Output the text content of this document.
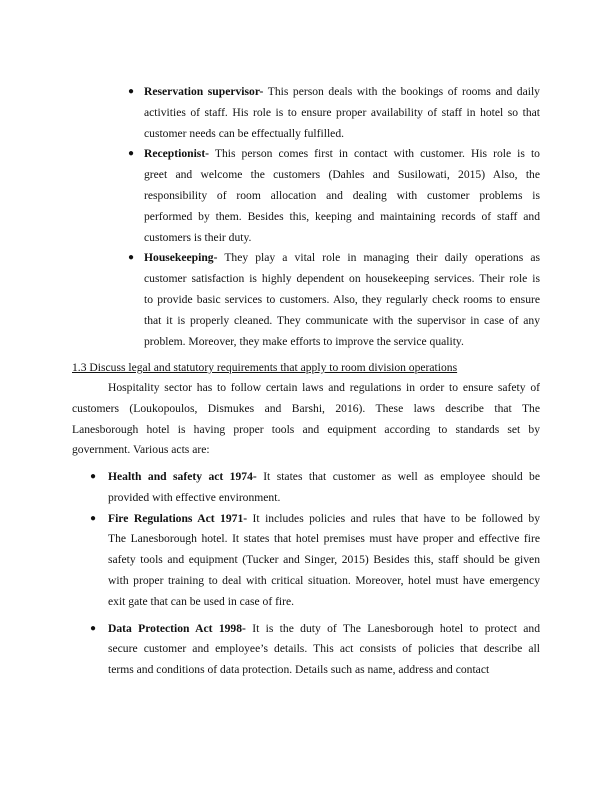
● Reservation supervisor- This person deals with the bookings of rooms and daily
activities of staff. His role is to ensure proper availability of staff in hotel so that
customer needs can be effectually fulfilled.
● Receptionist- This person comes first in contact with customer. His role is to
greet and welcome the customers (Dahles and Susilowati, 2015) Also, the
responsibility of room allocation and dealing with customer problems is
performed by them. Besides this, keeping and maintaining records of staff and
customers is their duty.
● Housekeeping- They play a vital role in managing their daily operations as
customer satisfaction is highly dependent on housekeeping services. Their role is
to provide basic services to customers. Also, they regularly check rooms to ensure
that it is properly cleaned. They communicate with the supervisor in case of any
problem. Moreover, they make efforts to improve the service quality.
1.3 Discuss legal and statutory requirements that apply to room division operations
Hospitality sector has to follow certain laws and regulations in order to ensure safety of
customers (Loukopoulos, Dismukes and Barshi, 2016). These laws describe that The
Lanesborough hotel is having proper tools and equipment according to standards set by
government. Various acts are:
● Health and safety act 1974- It states that customer as well as employee should be
provided with effective environment.
● Fire Regulations Act 1971- It includes policies and rules that have to be followed by
The Lanesborough hotel. It states that hotel premises must have proper and effective fire
safety tools and equipment (Tucker and Singer, 2015) Besides this, staff should be given
with proper training to deal with critical situation. Moreover, hotel must have emergency
exit gate that can be used in case of fire.
● Data Protection Act 1998- It is the duty of The Lanesborough hotel to protect and
secure customer and employee’s details. This act consists of policies that describe all
terms and conditions of data protection. Details such as name, address and contact
